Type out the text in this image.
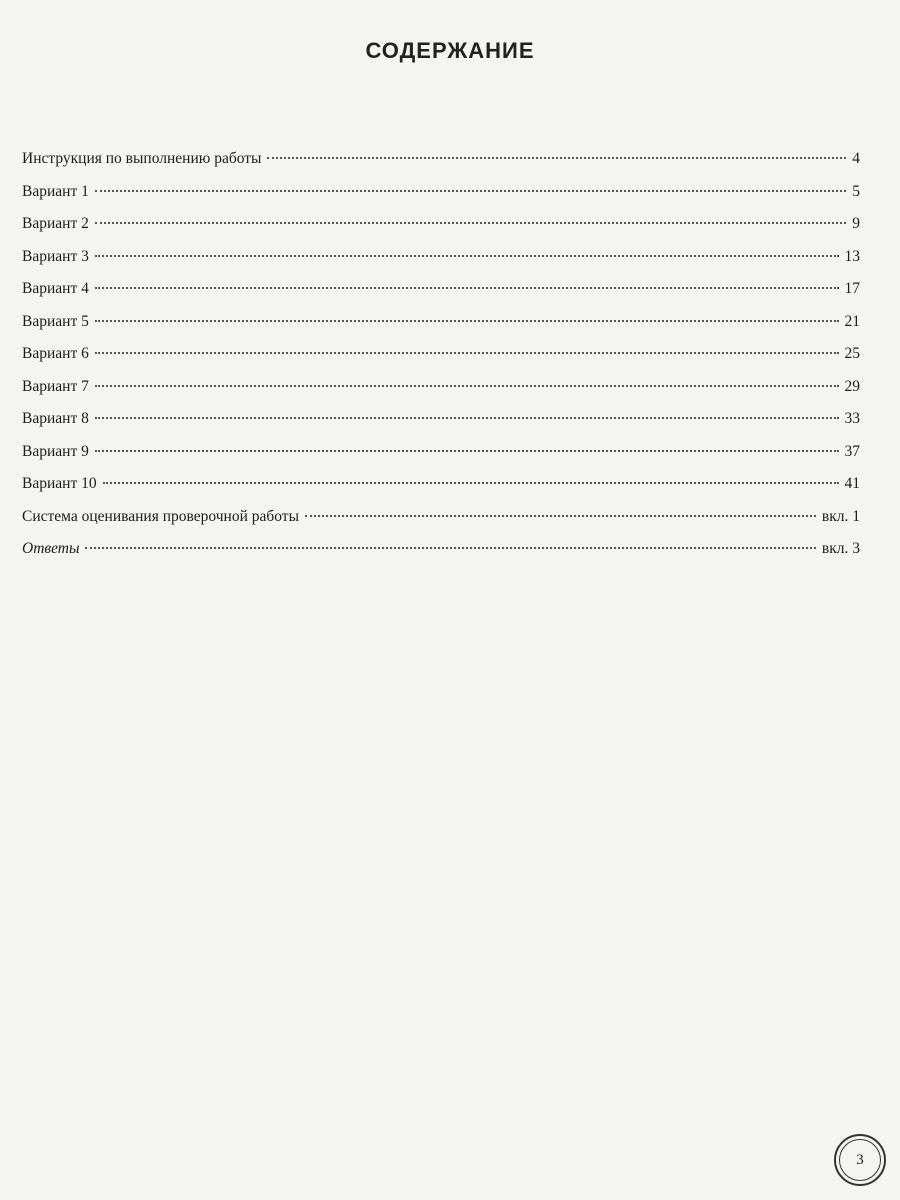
СОДЕРЖАНИЕ
Инструкция по выполнению работы	4
Вариант 1	5
Вариант 2	9
Вариант 3	13
Вариант 4	17
Вариант 5	21
Вариант 6	25
Вариант 7	29
Вариант 8	33
Вариант 9	37
Вариант 10	41
Система оценивания проверочной работы	вкл. 1
Ответы	вкл. 3
3
